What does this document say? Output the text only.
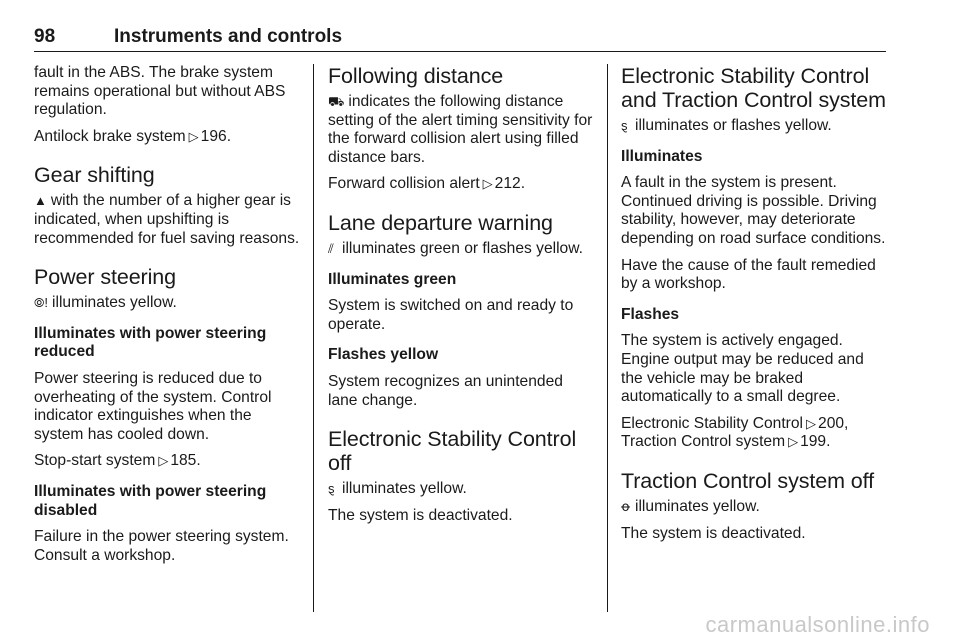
98	Instruments and controls

fault in the ABS. The brake system remains operational but without ABS regulation.

Antilock brake system ▷ 196.

Gear shifting

▲ with the number of a higher gear is indicated, when upshifting is recommended for fuel saving reasons.

Power steering

⦾! illuminates yellow.

Illuminates with power steering reduced

Power steering is reduced due to overheating of the system. Control indicator extinguishes when the system has cooled down.

Stop-start system ▷ 185.

Illuminates with power steering disabled

Failure in the power steering system. Consult a workshop.

Following distance

⛟ indicates the following distance setting of the alert timing sensitivity for the forward collision alert using filled distance bars.

Forward collision alert ▷ 212.

Lane departure warning

⫽ illuminates green or flashes yellow.

Illuminates green

System is switched on and ready to operate.

Flashes yellow

System recognizes an unintended lane change.

Electronic Stability Control off

ȿ illuminates yellow.

The system is deactivated.

Electronic Stability Control and Traction Control system

ȿ illuminates or flashes yellow.

Illuminates

A fault in the system is present. Continued driving is possible. Driving stability, however, may deteriorate depending on road surface conditions.

Have the cause of the fault remedied by a workshop.

Flashes

The system is actively engaged. Engine output may be reduced and the vehicle may be braked automatically to a small degree.

Electronic Stability Control ▷ 200,
Traction Control system ▷ 199.

Traction Control system off

ꝋ illuminates yellow.

The system is deactivated.

carmanualsonline.info
